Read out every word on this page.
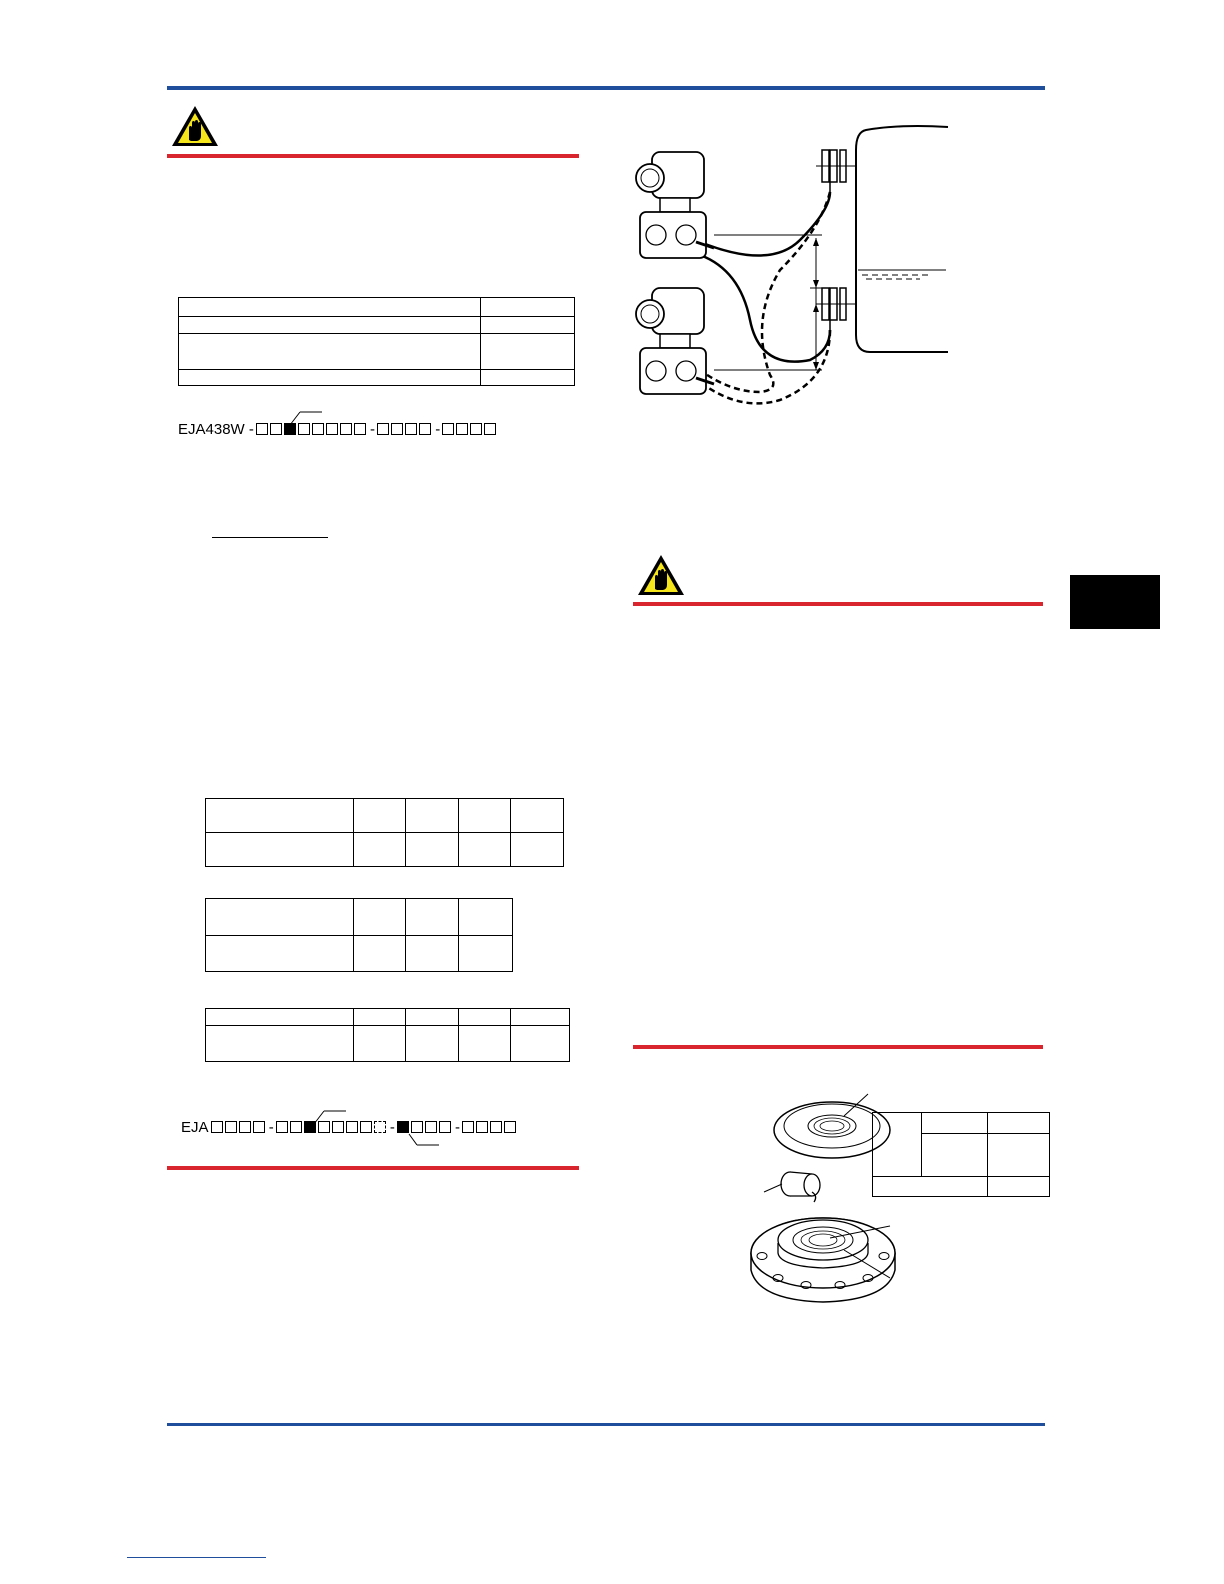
EJA438W -	-	-

EJA	-	-	-
